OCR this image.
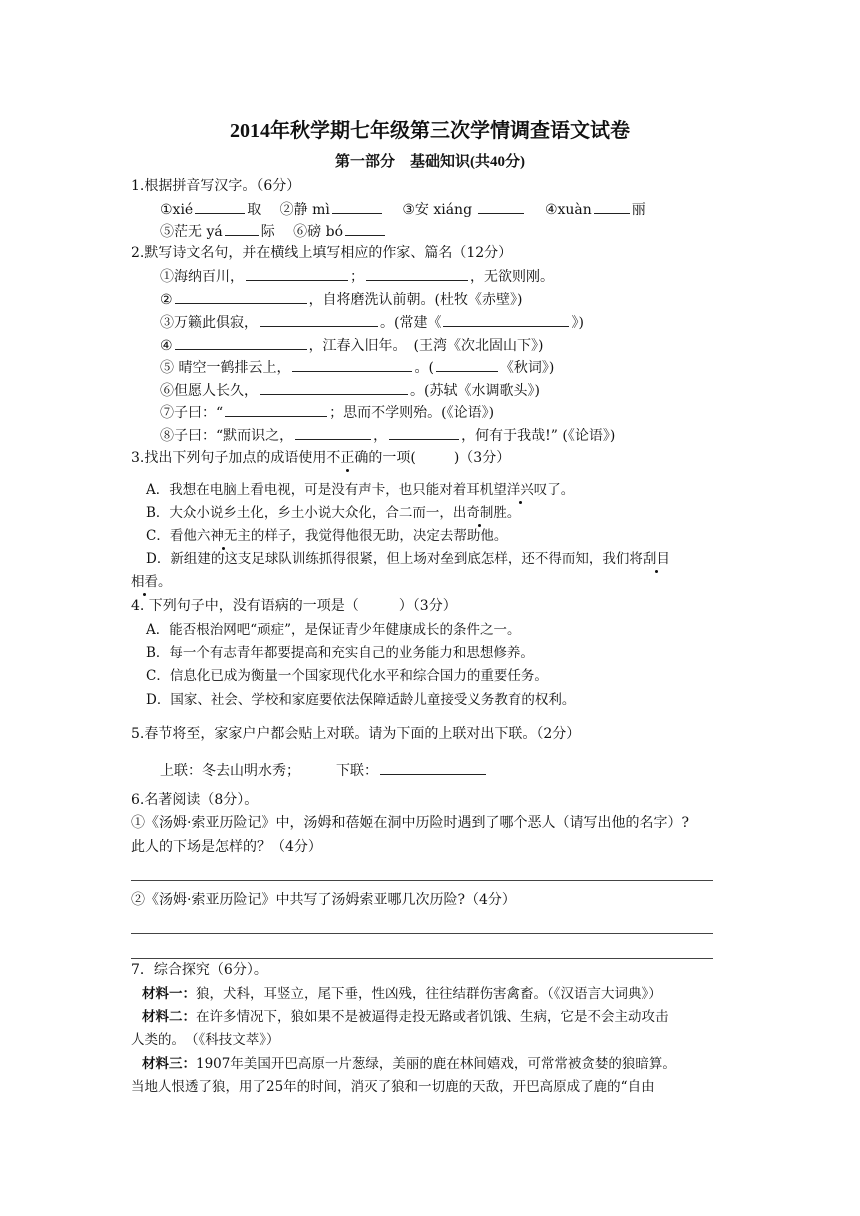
2014年秋学期七年级第三次学情调查语文试卷
第一部分　基础知识(共40分)
1.根据拼音写汉字。（6分）
①xié	取 ②静 mì	③安 xiáng	④xuàn	丽
⑤茫无 yá	际 ⑥磅 bó
2.默写诗文名句，并在横线上填写相应的作家、篇名（12分）
①海纳百川，	；	，无欲则刚。
②	，自将磨洗认前朝。(杜牧《赤壁》)
③万籁此俱寂，	。(常建《	》)
④	，江春入旧年。　(王湾《次北固山下》)
⑤ 晴空一鹤排云上，	。(	《秋词》)
⑥但愿人长久，	。(苏轼《水调歌头》)
⑦子曰：“	；思而不学则殆。(《论语》)
⑧子曰：“默而识之，	，	，何有于我哉!” (《论语》)
3.找出下列句子加点的成语使用不正确的一项(	)（3分）
A．我想在电脑上看电视，可是没有声卡，也只能对着耳机望洋兴叹了。
B．大众小说乡土化，乡土小说大众化，合二而一，出奇制胜。
C．看他六神无主的样子，我觉得他很无助，决定去帮助他。
D．新组建的这支足球队训练抓得很紧，但上场对垒到底怎样，还不得而知，我们将刮目
相看。
4. 下列句子中，没有语病的一项是（	）（3分）
A．能否根治网吧“顽症”，是保证青少年健康成长的条件之一。
B．每一个有志青年都要提高和充实自己的业务能力和思想修养。
C．信息化已成为衡量一个国家现代化水平和综合国力的重要任务。
D．国家、社会、学校和家庭要依法保障适龄儿童接受义务教育的权利。
5.春节将至，家家户户都会贴上对联。请为下面的上联对出下联。（2分）
上联：冬去山明水秀；	下联：
6.名著阅读（8分）。
①《汤姆·索亚历险记》中，汤姆和蓓姬在洞中历险时遇到了哪个恶人（请写出他的名字）?
此人的下场是怎样的？（4分）
②《汤姆·索亚历险记》中共写了汤姆索亚哪几次历险?（4分）
7．综合探究（6分）。
材料一：狼，犬科，耳竖立，尾下垂，性凶残，往往结群伤害禽畜。（《汉语言大词典》）
材料二：在许多情况下，狼如果不是被逼得走投无路或者饥饿、生病，它是不会主动攻击
人类的。　（《科技文萃》）
材料三：1907年美国开巴高原一片葱绿，美丽的鹿在林间嬉戏，可常常被贪婪的狼暗算。
当地人恨透了狼，用了25年的时间，消灭了狼和一切鹿的天敌，开巴高原成了鹿的“自由
